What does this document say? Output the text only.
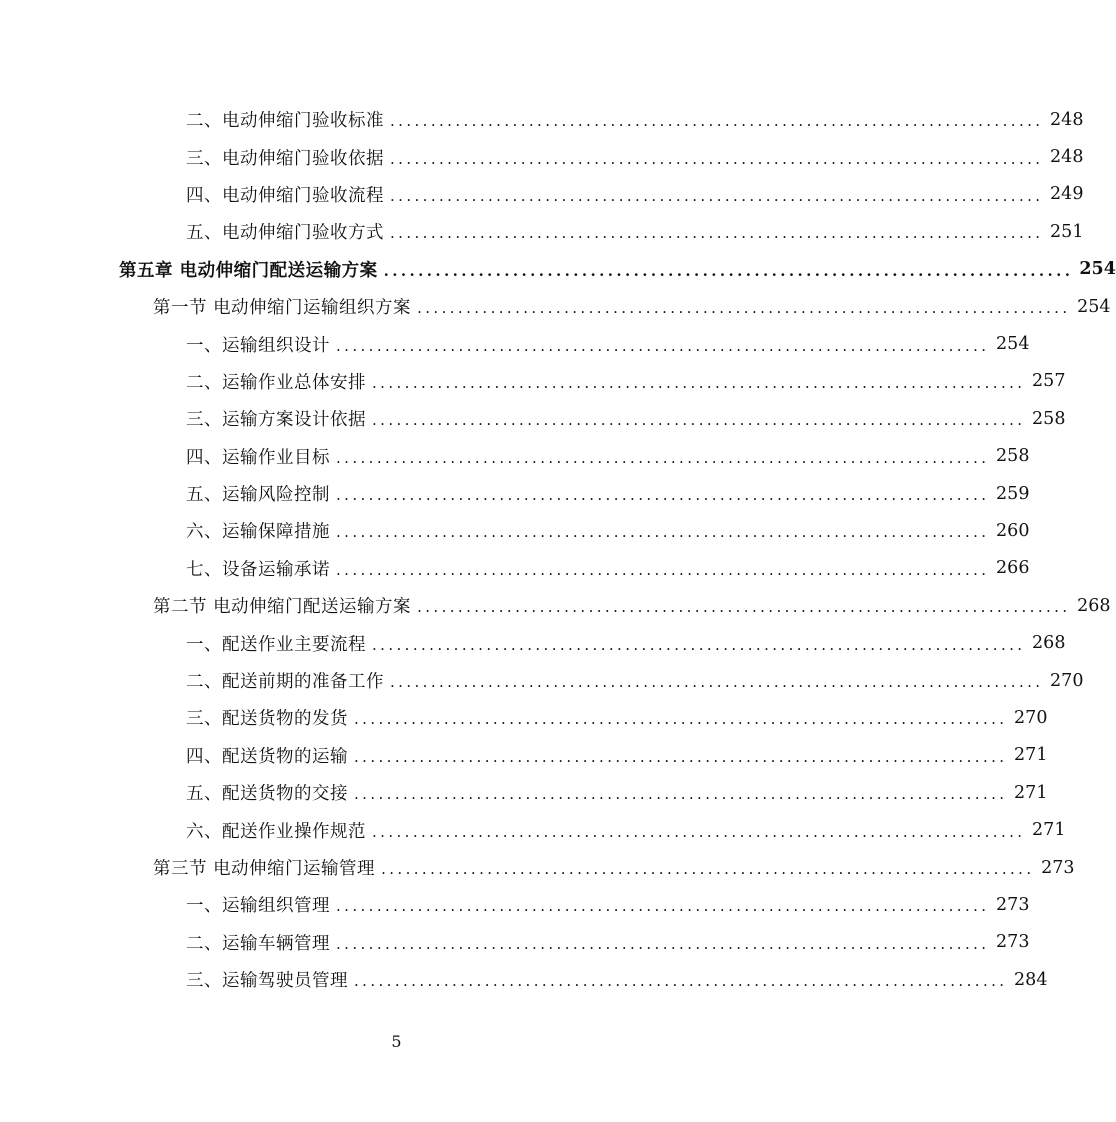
二、电动伸缩门验收标准 ................................................................................ 248
三、电动伸缩门验收依据 ................................................................................ 248
四、电动伸缩门验收流程 ................................................................................ 249
五、电动伸缩门验收方式 ................................................................................ 251
第五章 电动伸缩门配送运输方案 ................................................................................ 254
第一节 电动伸缩门运输组织方案 ................................................................................ 254
一、运输组织设计 ................................................................................ 254
二、运输作业总体安排 ................................................................................ 257
三、运输方案设计依据 ................................................................................ 258
四、运输作业目标 ................................................................................ 258
五、运输风险控制 ................................................................................ 259
六、运输保障措施 ................................................................................ 260
七、设备运输承诺 ................................................................................ 266
第二节 电动伸缩门配送运输方案 ................................................................................ 268
一、配送作业主要流程 ................................................................................ 268
二、配送前期的准备工作 ................................................................................ 270
三、配送货物的发货 ................................................................................ 270
四、配送货物的运输 ................................................................................ 271
五、配送货物的交接 ................................................................................ 271
六、配送作业操作规范 ................................................................................ 271
第三节 电动伸缩门运输管理 ................................................................................ 273
一、运输组织管理 ................................................................................ 273
二、运输车辆管理 ................................................................................ 273
三、运输驾驶员管理 ................................................................................ 284
5
